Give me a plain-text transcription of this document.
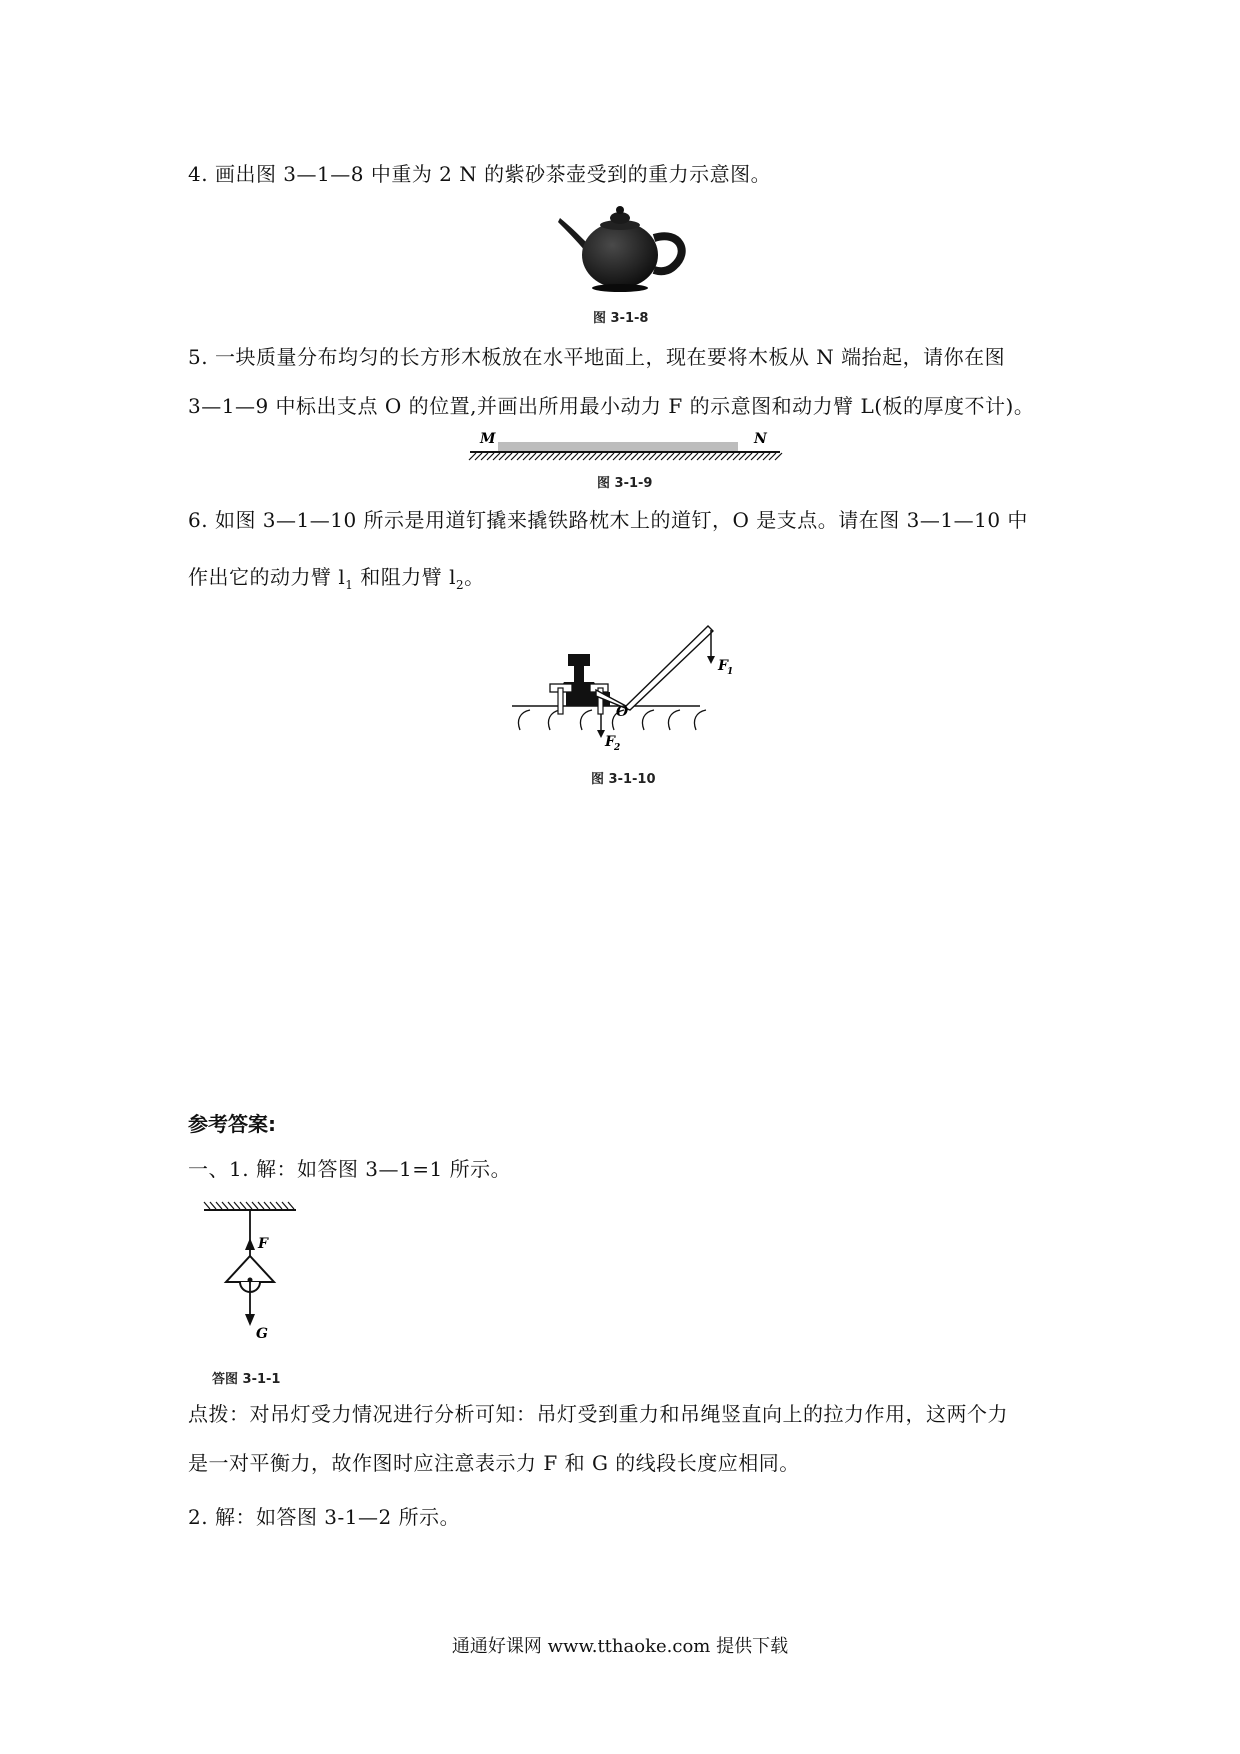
4. 画出图 3—1—8 中重为 2 N 的紫砂茶壶受到的重力示意图。

图 3-1-8

5. 一块质量分布均匀的长方形木板放在水平地面上，现在要将木板从 N 端抬起，请你在图

3—1—9 中标出支点 O 的位置,并画出所用最小动力 F 的示意图和动力臂 L(板的厚度不计)。

M	N
图 3-1-9

6. 如图 3—1—10 所示是用道钉撬来撬铁路枕木上的道钉，O 是支点。请在图 3—1—10 中

作出它的动力臂 $l_1$ 和阻力臂 $l_2$。

F 1
F 2
O
图 3-1-10
参考答案:

一、1. 解：如答图 3—1=1 所示。

F
G
答图 3-1-1

点拨：对吊灯受力情况进行分析可知：吊灯受到重力和吊绳竖直向上的拉力作用，这两个力

是一对平衡力，故作图时应注意表示力 F 和 G 的线段长度应相同。

2. 解：如答图 3-1—2 所示。

通通好课网 www.tthaoke.com 提供下载
